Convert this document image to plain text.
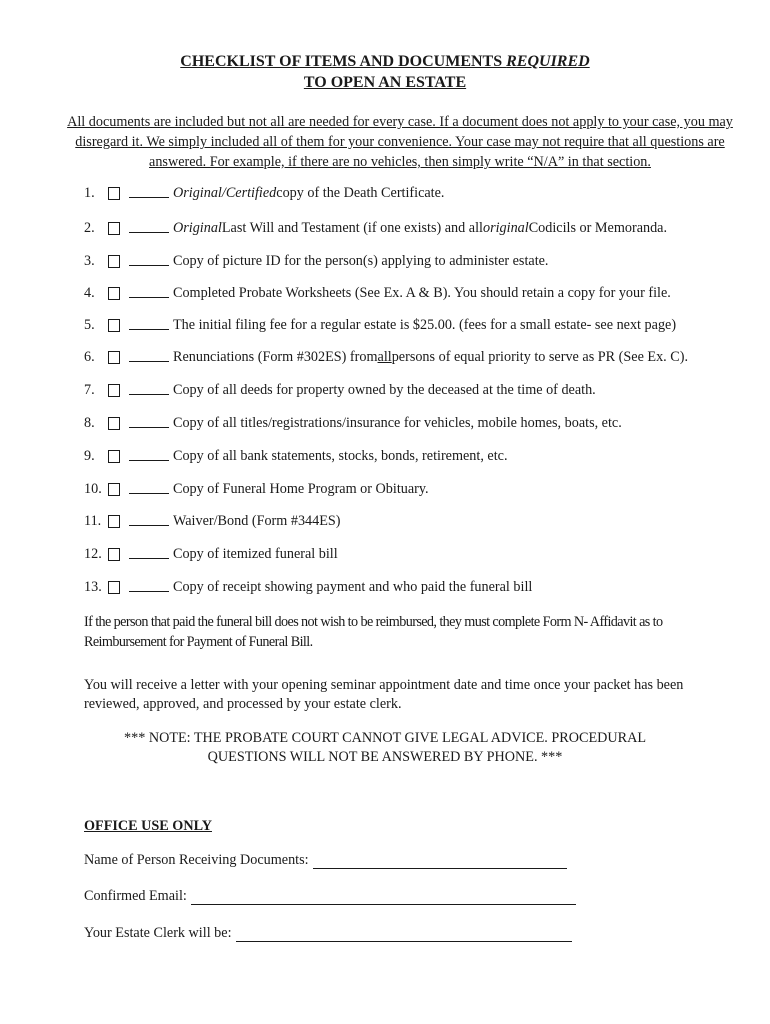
CHECKLIST OF ITEMS AND DOCUMENTS REQUIRED
TO OPEN AN ESTATE
All documents are included but not all are needed for every case. If a document does not apply to your case, you may disregard it. We simply included all of them for your convenience. Your case may not require that all questions are answered. For example, if there are no vehicles, then simply write “N/A” in that section.
1.	Original/Certified copy of the Death Certificate.
2.	Original Last Will and Testament (if one exists) and all original Codicils or Memoranda.
3.	Copy of picture ID for the person(s) applying to administer estate.
4.	Completed Probate Worksheets (See Ex. A & B). You should retain a copy for your file.
5.	The initial filing fee for a regular estate is $25.00. (fees for a small estate- see next page)
6.	Renunciations (Form #302ES) from all persons of equal priority to serve as PR (See Ex. C).
7.	Copy of all deeds for property owned by the deceased at the time of death.
8.	Copy of all titles/registrations/insurance for vehicles, mobile homes, boats, etc.
9.	Copy of all bank statements, stocks, bonds, retirement, etc.
10.	Copy of Funeral Home Program or Obituary.
11.	Waiver/Bond (Form #344ES)
12.	Copy of itemized funeral bill
13.	Copy of receipt showing payment and who paid the funeral bill
If the person that paid the funeral bill does not wish to be reimbursed, they must complete Form N- Affidavit as to Reimbursement for Payment of Funeral Bill.
You will receive a letter with your opening seminar appointment date and time once your packet has been reviewed, approved, and processed by your estate clerk.
*** NOTE: THE PROBATE COURT CANNOT GIVE LEGAL ADVICE. PROCEDURAL
QUESTIONS WILL NOT BE ANSWERED BY PHONE. ***
OFFICE USE ONLY
Name of Person Receiving Documents:
Confirmed Email:
Your Estate Clerk will be:
